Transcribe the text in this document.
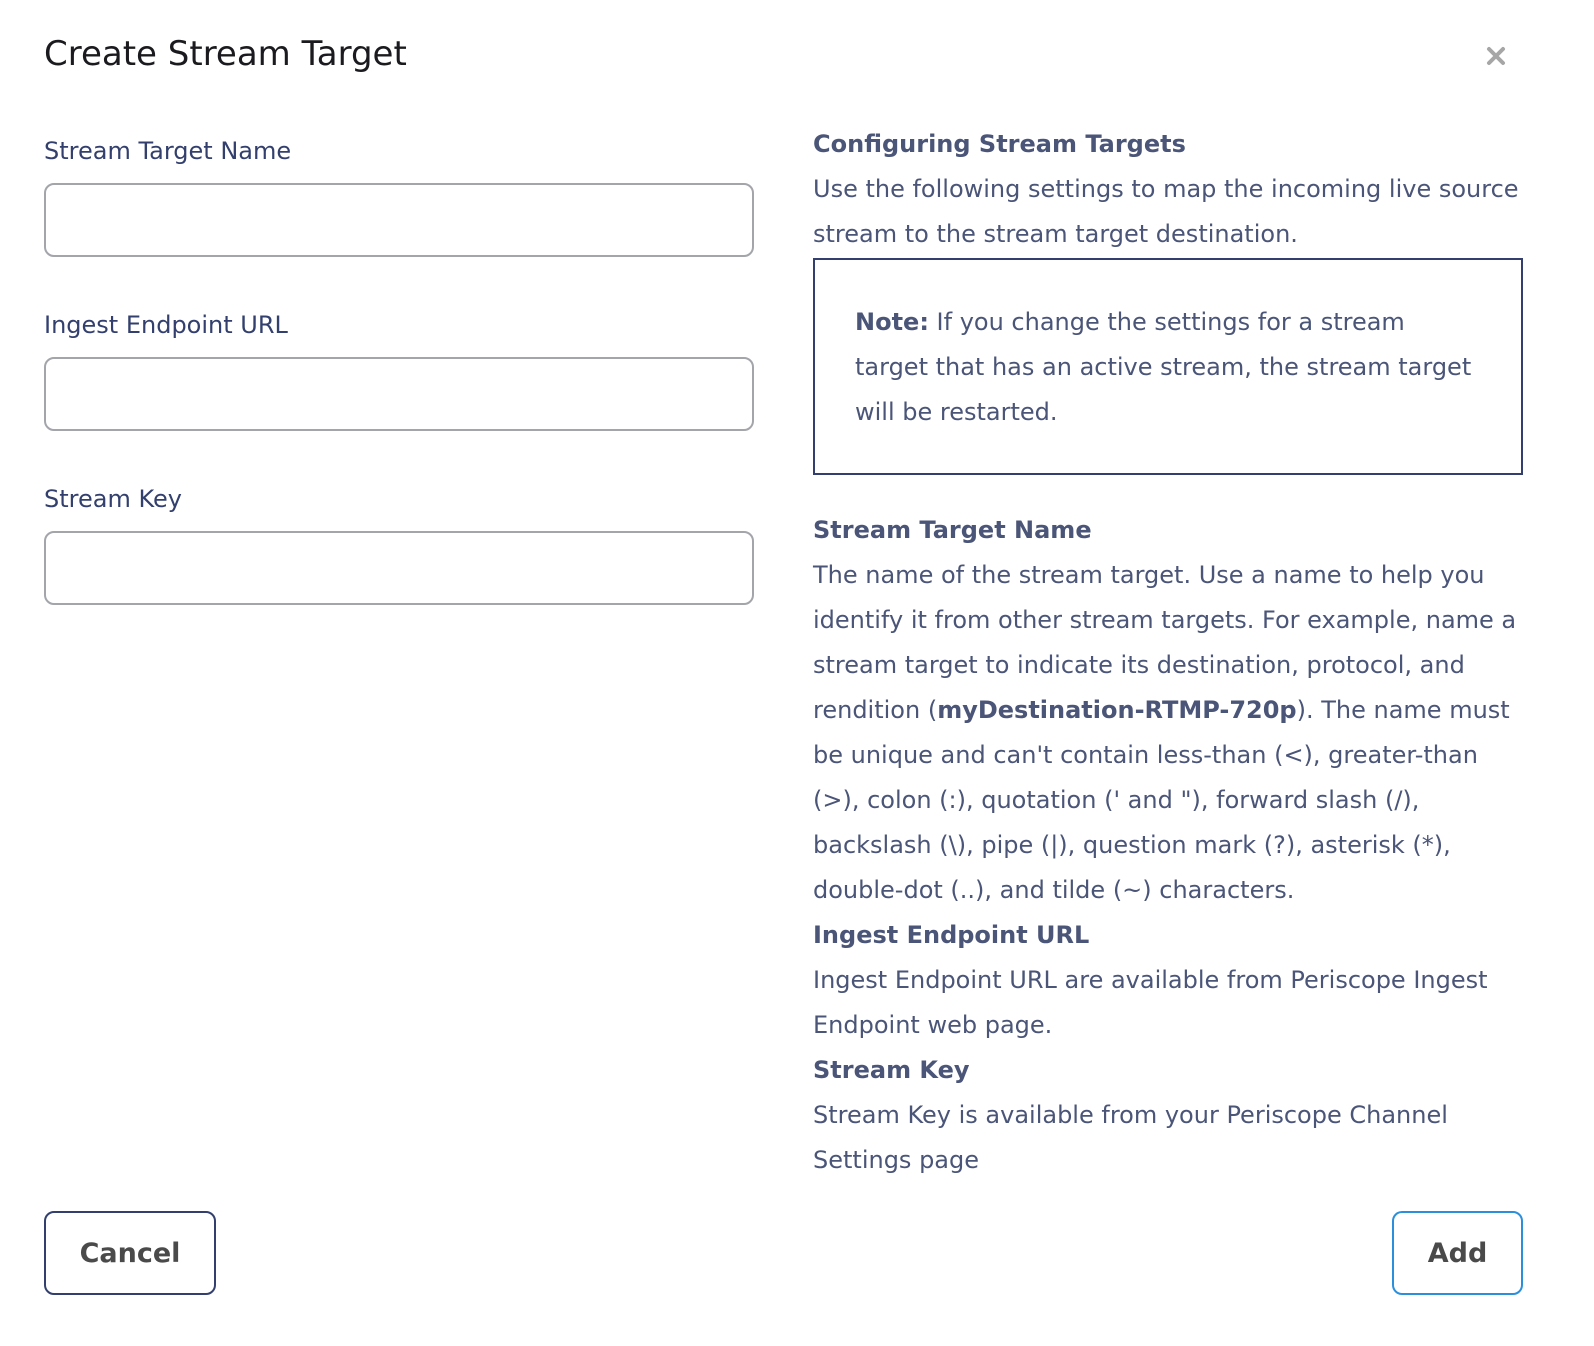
Create Stream Target
Stream Target Name
Ingest Endpoint URL
Stream Key
Configuring Stream Targets

Use the following settings to map the incoming live source stream to the stream target destination.

Note: If you change the settings for a stream target that has an active stream, the stream target will be restarted.
Stream Target Name

The name of the stream target. Use a name to help you identify it from other stream targets. For example, name a stream target to indicate its destination, protocol, and rendition (myDestination-RTMP-720p). The name must be unique and can't contain less-than (<), greater-than (>), colon (:), quotation (' and "), forward slash (/), backslash (\), pipe (|), question mark (?), asterisk (*), double-dot (..), and tilde (~) characters.

Ingest Endpoint URL

Ingest Endpoint URL are available from Periscope Ingest Endpoint web page.

Stream Key

Stream Key is available from your Periscope Channel Settings page

Cancel	Add
